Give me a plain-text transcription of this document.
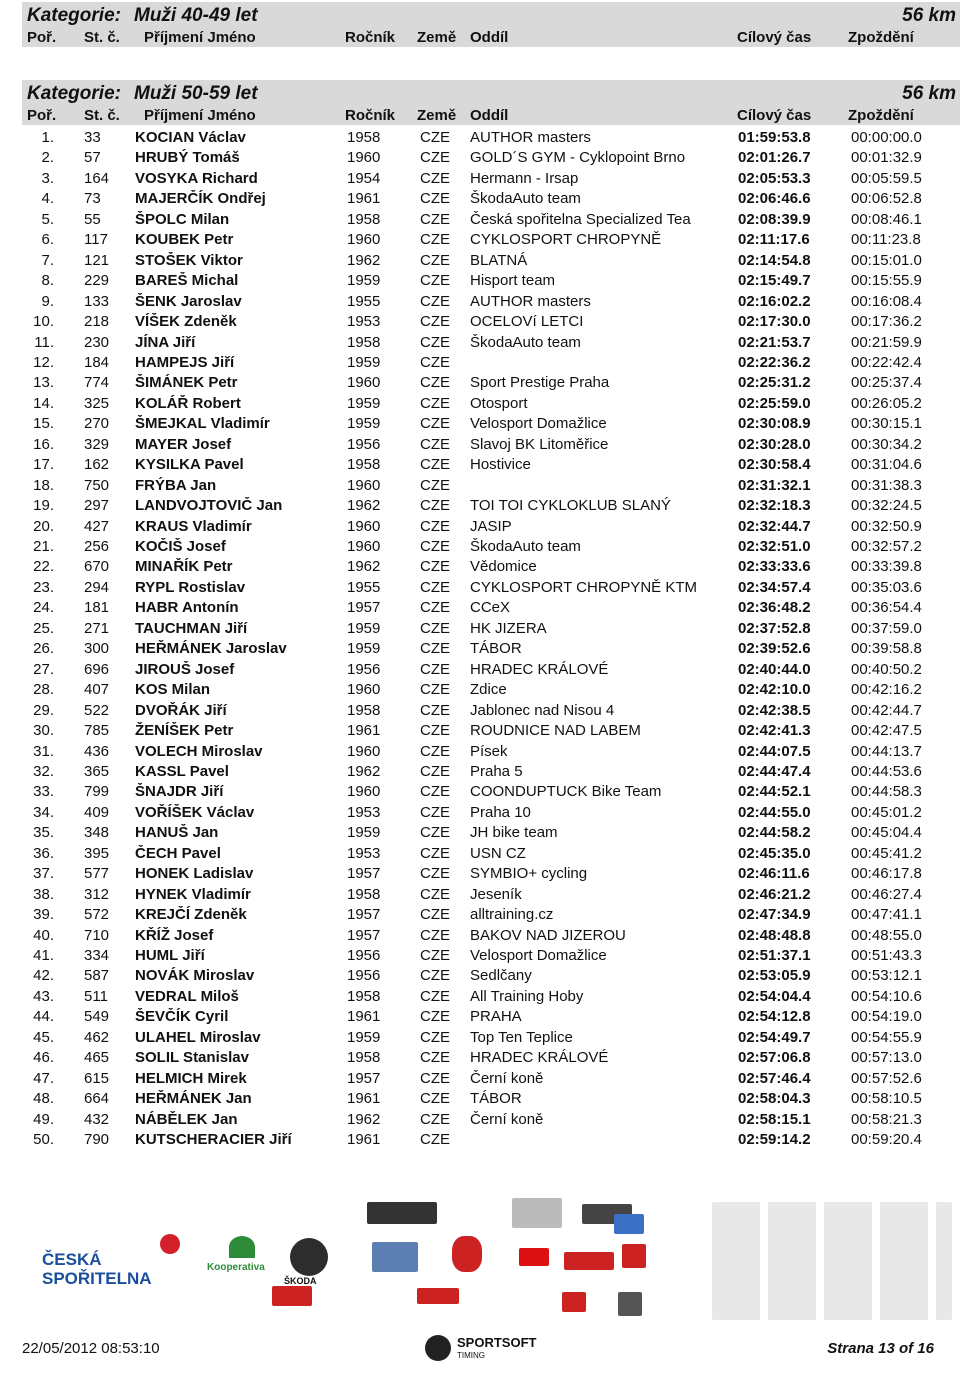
Kategorie: Muži 40-49 let	56 km
Poř. St. č. Příjmení Jméno	Ročník Země Oddíl	Cílový čas Zpoždění
Kategorie: Muži 50-59 let	56 km
Poř. St. č. Příjmení Jméno	Ročník Země Oddíl	Cílový čas Zpoždění
1. 33 KOCIAN Václav	1958	CZE AUTHOR masters	01:59:53.8	00:00:00.0
2. 57 HRUBÝ Tomáš	1960	CZE GOLD´S GYM - Cyklopoint Brno	02:01:26.7	00:01:32.9
3. 164 VOSYKA Richard	1954	CZE Hermann - Irsap	02:05:53.3	00:05:59.5
4. 73 MAJERČÍK Ondřej	1961	CZE ŠkodaAuto team	02:06:46.6	00:06:52.8
5. 55 ŠPOLC Milan	1958	CZE Česká spořitelna Specialized Tea	02:08:39.9	00:08:46.1
6. 117 KOUBEK Petr	1960	CZE CYKLOSPORT CHROPYNĚ	02:11:17.6	00:11:23.8
7. 121 STOŠEK Viktor	1962	CZE BLATNÁ	02:14:54.8	00:15:01.0
8. 229 BAREŠ Michal	1959	CZE Hisport team	02:15:49.7	00:15:55.9
9. 133 ŠENK Jaroslav	1955	CZE AUTHOR masters	02:16:02.2	00:16:08.4
10. 218 VÍŠEK Zdeněk	1953	CZE OCELOVí LETCI	02:17:30.0	00:17:36.2
11. 230 JÍNA Jiří	1958	CZE ŠkodaAuto team	02:21:53.7	00:21:59.9
12. 184 HAMPEJS Jiří	1959	CZE	02:22:36.2	00:22:42.4
13. 774 ŠIMÁNEK Petr	1960	CZE Sport Prestige Praha	02:25:31.2	00:25:37.4
14. 325 KOLÁŘ Robert	1959	CZE Otosport	02:25:59.0	00:26:05.2
15. 270 ŠMEJKAL Vladimír	1959	CZE Velosport Domažlice	02:30:08.9	00:30:15.1
16. 329 MAYER Josef	1956	CZE Slavoj BK Litoměřice	02:30:28.0	00:30:34.2
17. 162 KYSILKA Pavel	1958	CZE Hostivice	02:30:58.4	00:31:04.6
18. 750 FRÝBA Jan	1960	CZE	02:31:32.1	00:31:38.3
19. 297 LANDVOJTOVIČ Jan	1962	CZE TOI TOI CYKLOKLUB SLANÝ	02:32:18.3	00:32:24.5
20. 427 KRAUS Vladimír	1960	CZE JASIP	02:32:44.7	00:32:50.9
21. 256 KOČIŠ Josef	1960	CZE ŠkodaAuto team	02:32:51.0	00:32:57.2
22. 670 MINAŘÍK Petr	1962	CZE Vědomice	02:33:33.6	00:33:39.8
23. 294 RYPL Rostislav	1955	CZE CYKLOSPORT CHROPYNĚ KTM	02:34:57.4	00:35:03.6
24. 181 HABR Antonín	1957	CZE CCeX	02:36:48.2	00:36:54.4
25. 271 TAUCHMAN Jiří	1959	CZE HK JIZERA	02:37:52.8	00:37:59.0
26. 300 HEŘMÁNEK Jaroslav	1959	CZE TÁBOR	02:39:52.6	00:39:58.8
27. 696 JIROUŠ Josef	1956	CZE HRADEC KRÁLOVÉ	02:40:44.0	00:40:50.2
28. 407 KOS Milan	1960	CZE Zdice	02:42:10.0	00:42:16.2
29. 522 DVOŘÁK Jiří	1958	CZE Jablonec nad Nisou 4	02:42:38.5	00:42:44.7
30. 785 ŽENÍŠEK Petr	1961	CZE ROUDNICE NAD LABEM	02:42:41.3	00:42:47.5
31. 436 VOLECH Miroslav	1960	CZE Písek	02:44:07.5	00:44:13.7
32. 365 KASSL Pavel	1962	CZE Praha 5	02:44:47.4	00:44:53.6
33. 799 ŠNAJDR Jiří	1960	CZE COONDUPTUCK Bike Team	02:44:52.1	00:44:58.3
34. 409 VOŘÍŠEK Václav	1953	CZE Praha 10	02:44:55.0	00:45:01.2
35. 348 HANUŠ Jan	1959	CZE JH bike team	02:44:58.2	00:45:04.4
36. 395 ČECH Pavel	1953	CZE USN CZ	02:45:35.0	00:45:41.2
37. 577 HONEK Ladislav	1957	CZE SYMBIO+ cycling	02:46:11.6	00:46:17.8
38. 312 HYNEK Vladimír	1958	CZE Jeseník	02:46:21.2	00:46:27.4
39. 572 KREJČÍ Zdeněk	1957	CZE alltraining.cz	02:47:34.9	00:47:41.1
40. 710 KŘÍŽ Josef	1957	CZE BAKOV NAD JIZEROU	02:48:48.8	00:48:55.0
41. 334 HUML Jiří	1956	CZE Velosport Domažlice	02:51:37.1	00:51:43.3
42. 587 NOVÁK Miroslav	1956	CZE Sedlčany	02:53:05.9	00:53:12.1
43. 511 VEDRAL Miloš	1958	CZE All Training Hoby	02:54:04.4	00:54:10.6
44. 549 ŠEVČÍK Cyril	1961	CZE PRAHA	02:54:12.8	00:54:19.0
45. 462 ULAHEL Miroslav	1959	CZE Top Ten Teplice	02:54:49.7	00:54:55.9
46. 465 SOLIL Stanislav	1958	CZE HRADEC KRÁLOVÉ	02:57:06.8	00:57:13.0
47. 615 HELMICH Mirek	1957	CZE Černí koně	02:57:46.4	00:57:52.6
48. 664 HEŘMÁNEK Jan	1961	CZE TÁBOR	02:58:04.3	00:58:10.5
49. 432 NÁBĚLEK Jan	1962	CZE Černí koně	02:58:15.1	00:58:21.3
50. 790 KUTSCHERACIER Jiří	1961	CZE	02:59:14.2	00:59:20.4
ČESKÁ SPOŘITELNA
Kooperativa
ŠKODA
22/05/2012 08:53:10	SPORTSOFT
TIMING	Strana 13 of 16
